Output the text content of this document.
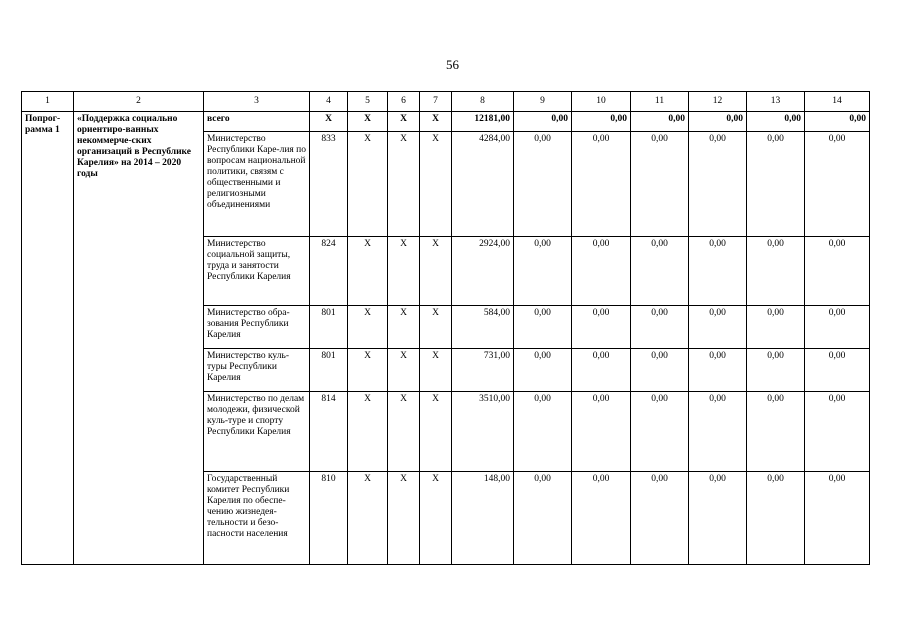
56
1	2	3	4	5	6	7	8	9	10	11	12	13	14
Попрог-
рамма 1	«Поддержка социально ориентиро-ванных некоммерче-ских организаций в Республике Карелия» на 2014 – 2020 годы	всего	X	X	X	X	12181,00	0,00	0,00	0,00	0,00	0,00	0,00
		Министерство Республики Каре-лия по вопросам национальной политики, связям с общественными и религиозными объединениями	833	X	X	X	4284,00	0,00	0,00	0,00	0,00	0,00	0,00
		Министерство социальной защиты, труда и занятости Республики Карелия	824	X	X	X	2924,00	0,00	0,00	0,00	0,00	0,00	0,00
		Министерство обра-зования Республики Карелия	801	X	X	X	584,00	0,00	0,00	0,00	0,00	0,00	0,00
		Министерство куль-туры Республики Карелия	801	X	X	X	731,00	0,00	0,00	0,00	0,00	0,00	0,00
		Министерство по делам молодежи, физической куль-туре и спорту Республики Карелия	814	X	X	X	3510,00	0,00	0,00	0,00	0,00	0,00	0,00
		Государственный комитет Республики Карелия по обеспе-чению жизнедея-тельности и безо-пасности населения	810	X	X	X	148,00	0,00	0,00	0,00	0,00	0,00	0,00
